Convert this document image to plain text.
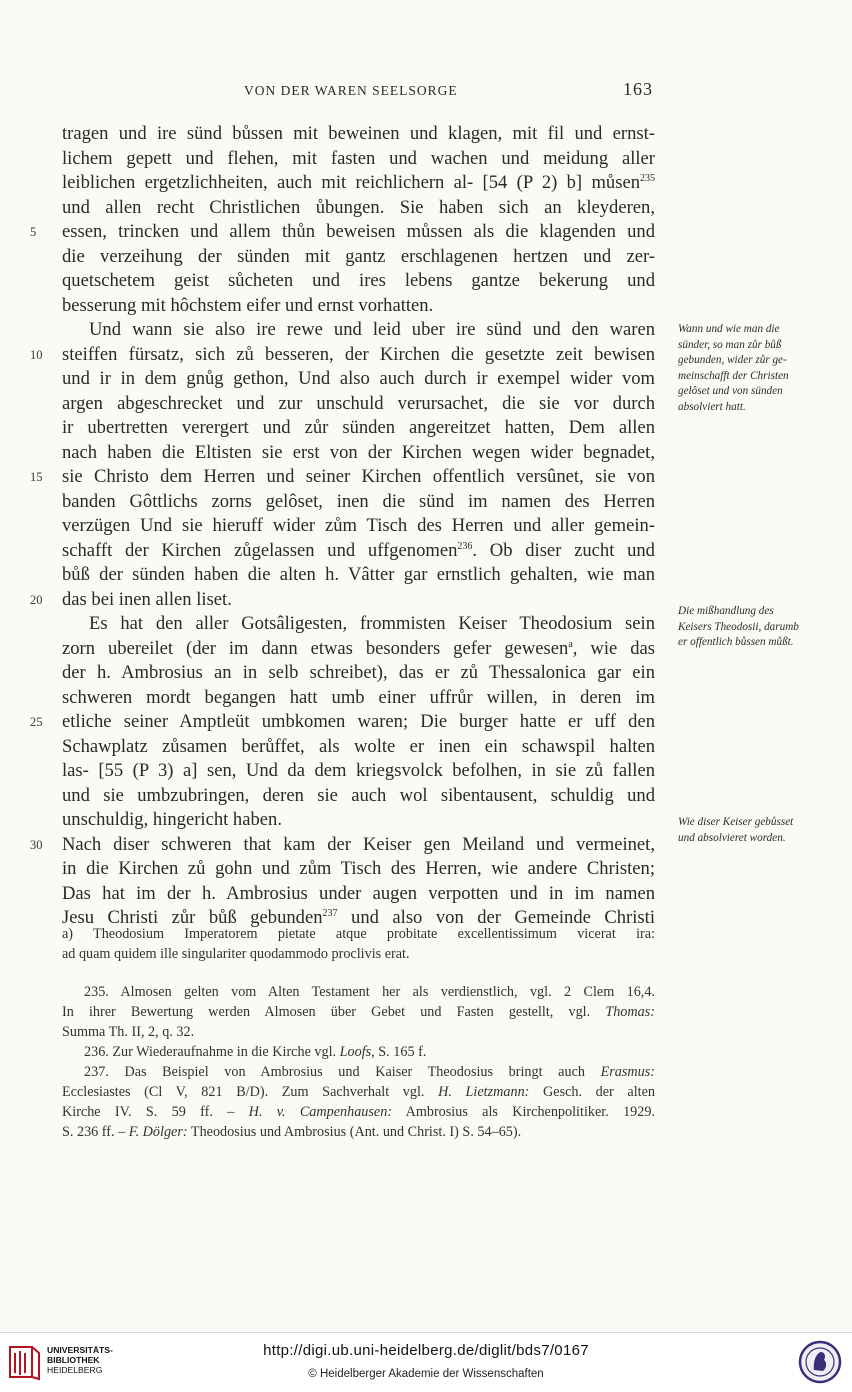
VON DER WAREN SEELSORGE	163
tragen und ire sünd bůssen mit beweinen und klagen, mit fil und ernst-
lichem gepett und flehen, mit fasten und wachen und meidung aller
leiblichen ergetzlichheiten, auch mit reichlichern al- [54 (P 2) b] můsen$^{235}$
und allen recht Christlichen ůbungen. Sie haben sich an kleyderen,
essen, trincken und allem thůn beweisen můssen als die klagenden und
5
die verzeihung der sünden mit gantz erschlagenen hertzen und zer-
quetschetem geist sůcheten und ires lebens gantze bekerung und
besserung mit hôchstem eifer und ernst vorhatten.
Und wann sie also ire rewe und leid uber ire sünd und den waren
steiffen fürsatz, sich zů besseren, der Kirchen die gesetzte zeit bewisen
10
und ir in dem gnůg gethon, Und also auch durch ir exempel wider vom
argen abgeschrecket und zur unschuld verursachet, die sie vor durch
ir ubertretten verergert und zůr sünden angereitzet hatten, Dem allen
nach haben die Eltisten sie erst von der Kirchen wegen wider begnadet,
sie Christo dem Herren und seiner Kirchen offentlich versûnet, sie von
15
banden Gôttlichs zorns gelôset, inen die sünd im namen des Herren
verzügen Und sie hieruff wider zům Tisch des Herren und aller gemein-
schafft der Kirchen zůgelassen und uffgenomen$^{236}$. Ob diser zucht und
bůß der sünden haben die alten h. Vâtter gar ernstlich gehalten, wie man
das bei inen allen liset.
20
Es hat den aller Gotsâligesten, frommisten Keiser Theodosium sein
zorn ubereilet (der im dann etwas besonders gefer gewesen$^a$, wie das
der h. Ambrosius an in selb schreibet), das er zů Thessalonica gar ein
schweren mordt begangen hatt umb einer uffrůr willen, in deren im
etliche seiner Amptleüt umbkomen waren; Die burger hatte er uff den
25
Schawplatz zůsamen berůffet, als wolte er inen ein schawspil halten
las- [55 (P 3) a] sen, Und da dem kriegsvolck befolhen, in sie zů fallen
und sie umbzubringen, deren sie auch wol sibentausent, schuldig und
unschuldig, hingericht haben.
Nach diser schweren that kam der Keiser gen Meiland und vermeinet,
30
in die Kirchen zů gohn und zům Tisch des Herren, wie andere Christen;
Das hat im der h. Ambrosius under augen verpotten und in im namen
Jesu Christi zůr bůß gebunden$^{237}$ und also von der Gemeinde Christi
Wann und wie man die
sünder, so man zůr bůß
gebunden, wider zůr ge-
meinschafft der Christen
gelôset und von sünden
absolviert hatt.
Die mißhandlung des
Keisers Theodosii, darumb
er offentlich bůssen můßt.
Wie diser Keiser gebůsset
und absolvieret worden.
a) Theodosium Imperatorem pietate atque probitate excellentissimum vicerat ira:
ad quam quidem ille singulariter quodammodo proclivis erat.
235. Almosen gelten vom Alten Testament her als verdienstlich, vgl. 2 Clem 16,4.
In ihrer Bewertung werden Almosen über Gebet und Fasten gestellt, vgl. Thomas:
Summa Th. II, 2, q. 32.
236. Zur Wiederaufnahme in die Kirche vgl. Loofs, S. 165 f.
237. Das Beispiel von Ambrosius und Kaiser Theodosius bringt auch Erasmus:
Ecclesiastes (Cl V, 821 B/D). Zum Sachverhalt vgl. H. Lietzmann: Gesch. der alten
Kirche IV. S. 59 ff. – H. v. Campenhausen: Ambrosius als Kirchenpolitiker. 1929.
S. 236 ff. – F. Dölger: Theodosius und Ambrosius (Ant. und Christ. I) S. 54–65).
UNIVERSITÄTS-
BIBLIOTHEK
HEIDELBERG
http://digi.ub.uni-heidelberg.de/diglit/bds7/0167
© Heidelberger Akademie der Wissenschaften
